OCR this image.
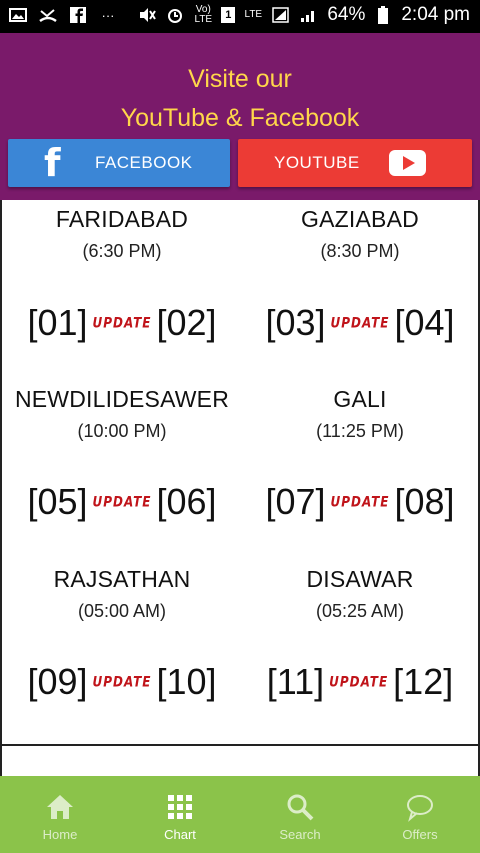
···	Vo) LTE	1	LTE	64% 2:04 pm
Visite our
YouTube & Facebook
f FACEBOOK	YOUTUBE
FARIDABAD
(6:30 PM)
[01] UPDATE [02]
GAZIABAD
(8:30 PM)
[03] UPDATE [04]
NEWDILIDESAWER
(10:00 PM)
[05] UPDATE [06]
GALI
(11:25 PM)
[07] UPDATE [08]
RAJSATHAN
(05:00 AM)
[09] UPDATE [10]
DISAWAR
(05:25 AM)
[11] UPDATE [12]
Home	Chart	Search	Offers
